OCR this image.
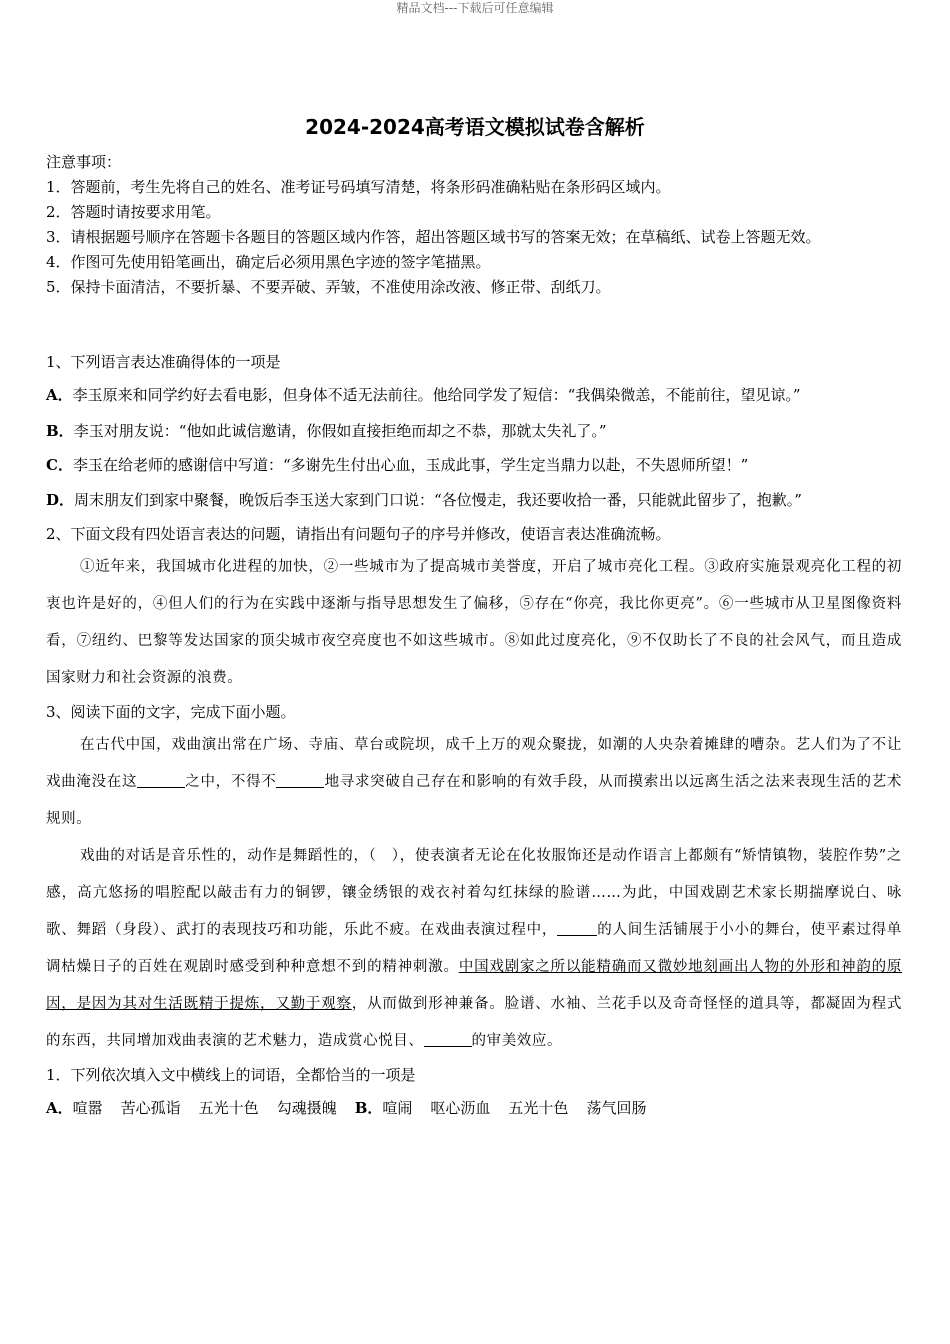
精品文档---下载后可任意编辑
2024-2024高考语文模拟试卷含解析
注意事项：
1．答题前，考生先将自己的姓名、准考证号码填写清楚，将条形码准确粘贴在条形码区域内。
2．答题时请按要求用笔。
3．请根据题号顺序在答题卡各题目的答题区域内作答，超出答题区域书写的答案无效；在草稿纸、试卷上答题无效。
4．作图可先使用铅笔画出，确定后必须用黑色字迹的签字笔描黑。
5．保持卡面清洁，不要折暴、不要弄破、弄皱，不准使用涂改液、修正带、刮纸刀。
1、下列语言表达准确得体的一项是
A．李玉原来和同学约好去看电影，但身体不适无法前往。他给同学发了短信：“我偶染微恙，不能前往，望见谅。”
B．李玉对朋友说：“他如此诚信邀请，你假如直接拒绝而却之不恭，那就太失礼了。”
C．李玉在给老师的感谢信中写道：“多谢先生付出心血，玉成此事，学生定当鼎力以赴，不失恩师所望！”
D．周末朋友们到家中聚餐，晚饭后李玉送大家到门口说：“各位慢走，我还要收拾一番，只能就此留步了，抱歉。”
2、下面文段有四处语言表达的问题，请指出有问题句子的序号并修改，使语言表达准确流畅。
①近年来，我国城市化进程的加快，②一些城市为了提高城市美誉度，开启了城市亮化工程。③政府实施景观亮化工程的初衷也许是好的，④但人们的行为在实践中逐渐与指导思想发生了偏移，⑤存在“你亮，我比你更亮”。⑥一些城市从卫星图像资料看，⑦纽约、巴黎等发达国家的顶尖城市夜空亮度也不如这些城市。⑧如此过度亮化，⑨不仅助长了不良的社会风气，而且造成国家财力和社会资源的浪费。
3、阅读下面的文字，完成下面小题。
在古代中国，戏曲演出常在广场、寺庙、草台或院坝，成千上万的观众聚拢，如潮的人央杂着摊肆的嘈杂。艺人们为了不让戏曲淹没在这	之中，不得不	地寻求突破自己存在和影响的有效手段，从而摸索出以远离生活之法来表现生活的艺术规则。
戏曲的对话是音乐性的，动作是舞蹈性的，（　），使表演者无论在化妆服饰还是动作语言上都颇有“矫情镇物，装腔作势”之感，高亢悠扬的唱腔配以敲击有力的铜锣，镶金绣银的戏衣衬着勾红抹绿的脸谱……为此，中国戏剧艺术家长期揣摩说白、咏歌、舞蹈（身段）、武打的表现技巧和功能，乐此不疲。在戏曲表演过程中，	的人间生活铺展于小小的舞台，使平素过得单调枯燥日子的百姓在观剧时感受到种种意想不到的精神刺激。中国戏剧家之所以能精确而又微妙地刻画出人物的外形和神韵的原因，是因为其对生活既精于提炼，又勤于观察，从而做到形神兼备。脸谱、水袖、兰花手以及奇奇怪怪的道具等，都凝固为程式的东西，共同增加戏曲表演的艺术魅力，造成赏心悦目、	的审美效应。
1．下列依次填入文中横线上的词语，全都恰当的一项是
A．喧嚣 苦心孤诣 五光十色 勾魂摄魄 B．喧闹 呕心沥血 五光十色 荡气回肠
